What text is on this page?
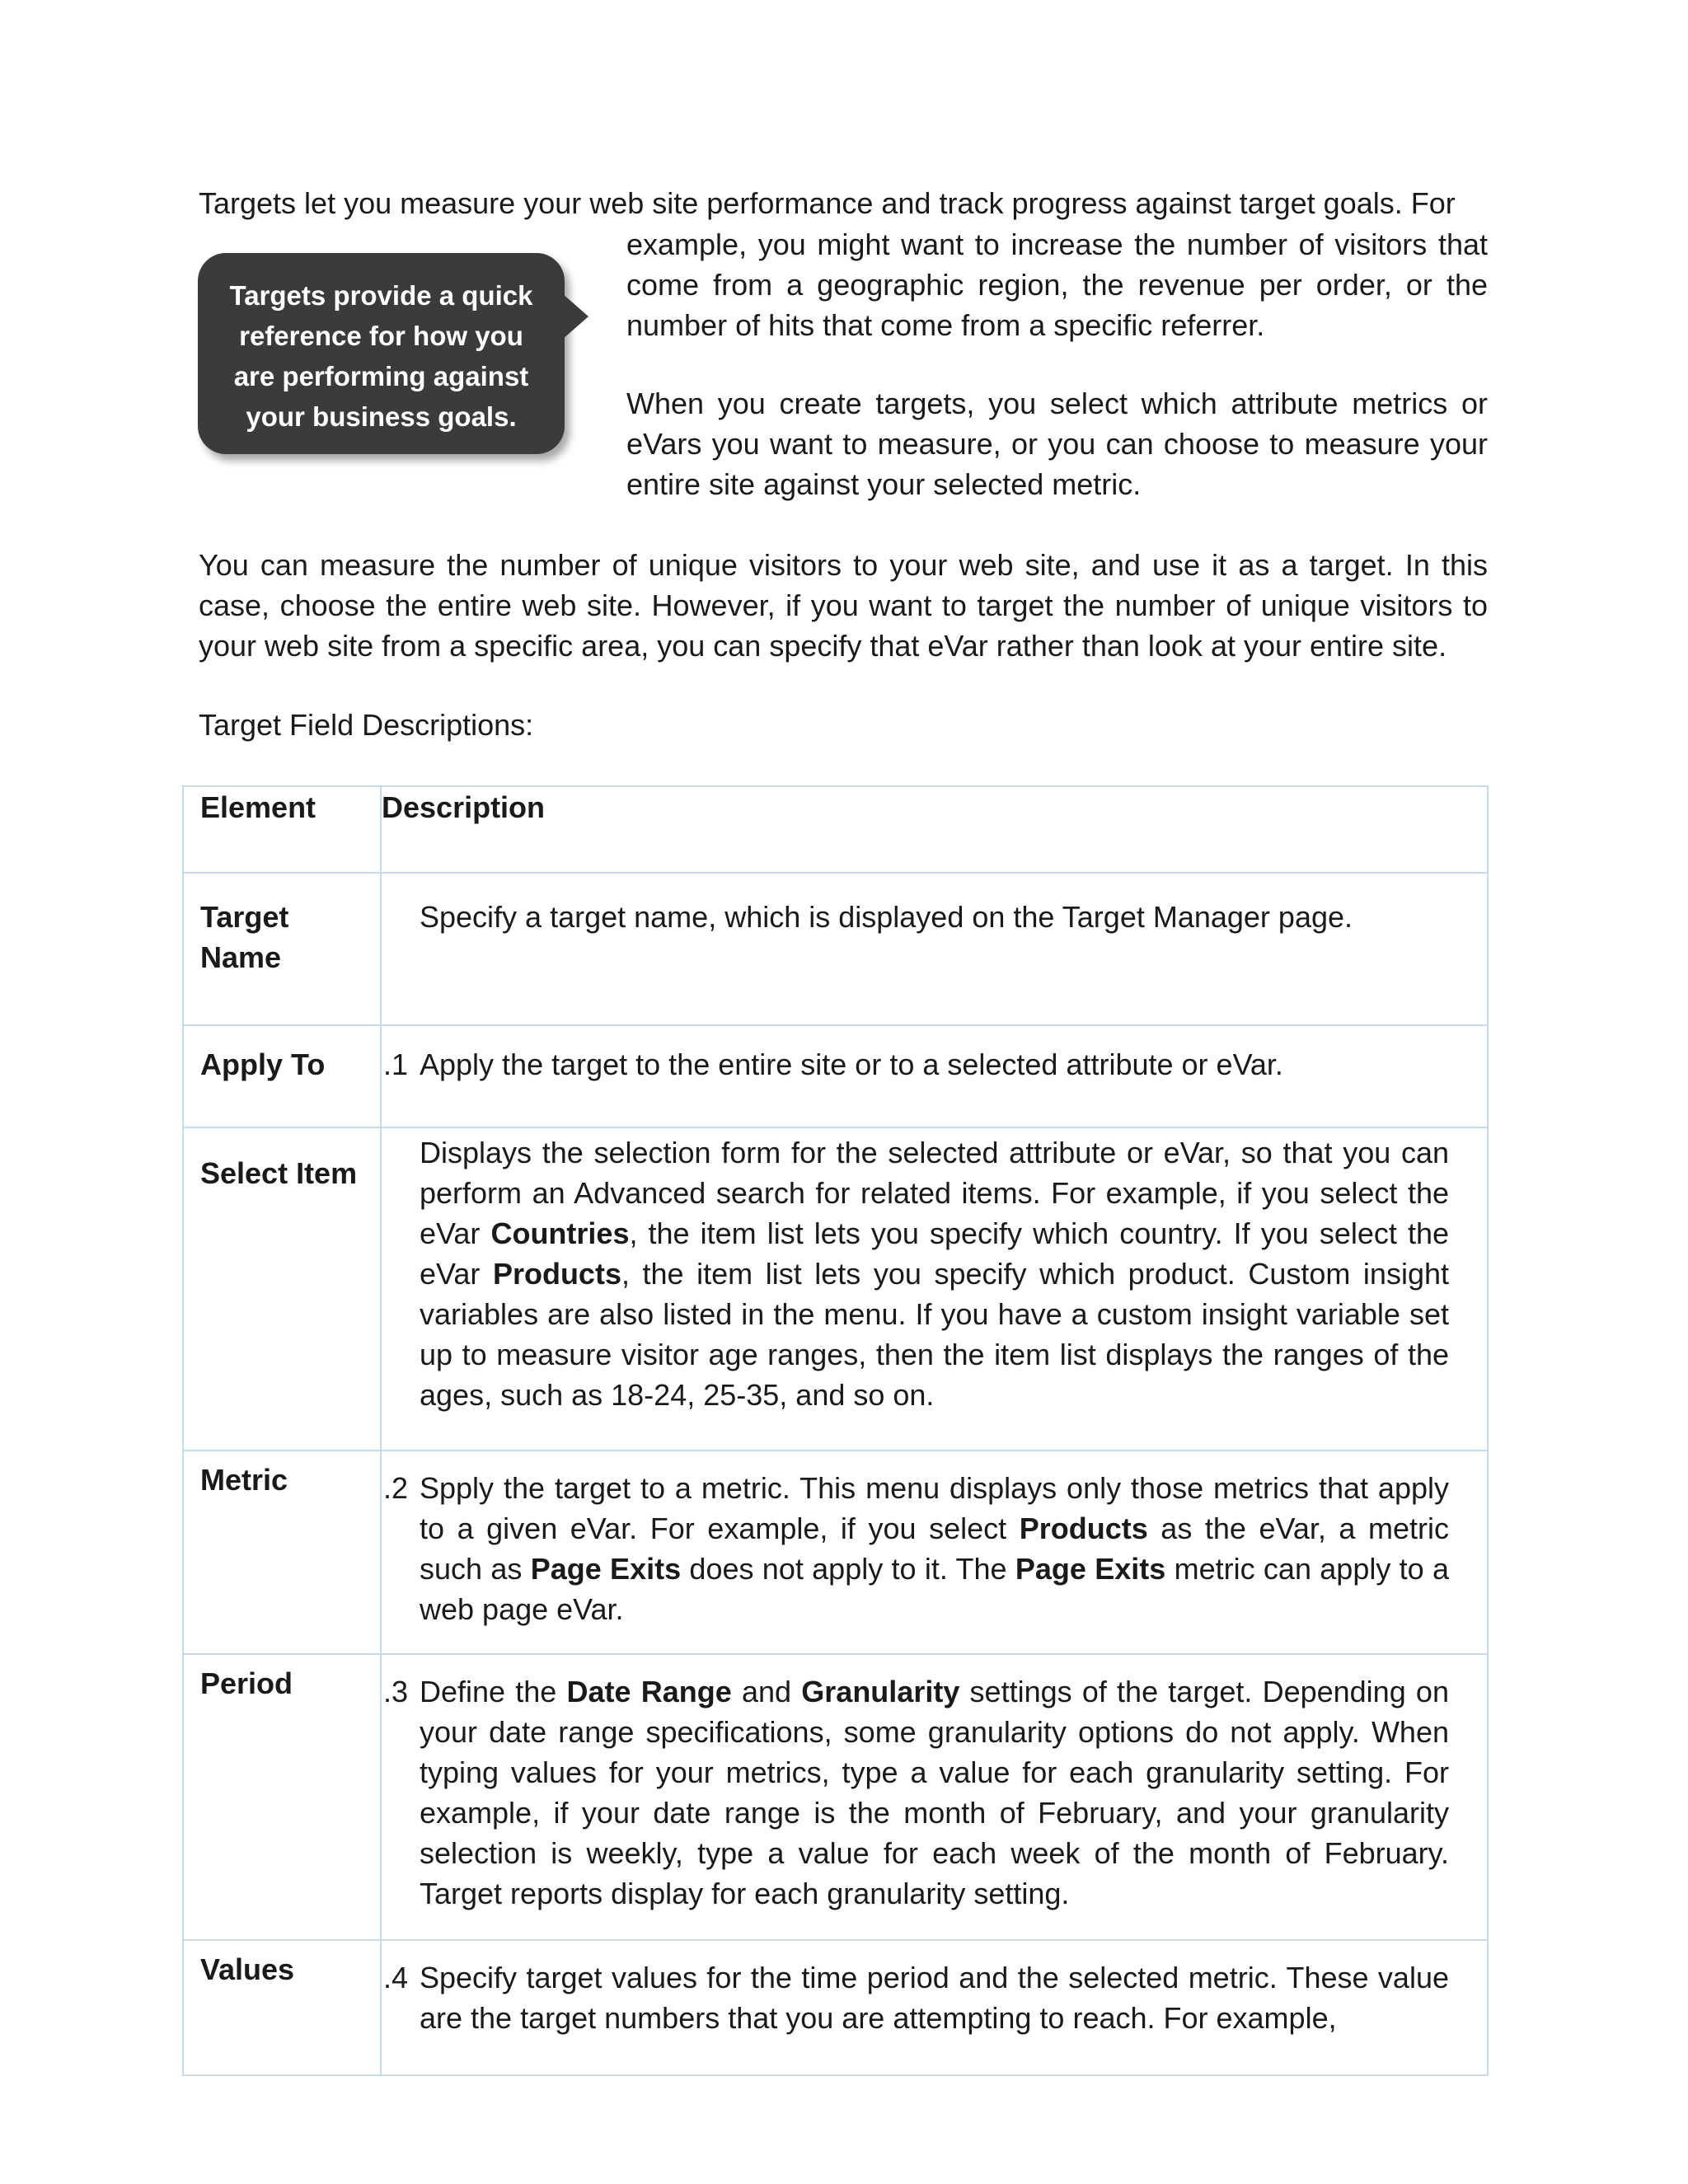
Targets let you measure your web site performance and track progress against target goals. For

Targets provide a quick
reference for how you
are performing against
your business goals.

example, you might want to increase the number of visitors that come from a geographic region, the revenue per order, or the number of hits that come from a specific referrer.

When you create targets, you select which attribute metrics or eVars you want to measure, or you can choose to measure your entire site against your selected metric.

You can measure the number of unique visitors to your web site, and use it as a target. In this case, choose the entire web site. However, if you want to target the number of unique visitors to your web site from a specific area, you can specify that eVar rather than look at your entire site.

Target Field Descriptions:

Element	Description
Target Name	Specify a target name, which is displayed on the Target Manager page.
Apply To	.1 Apply the target to the entire site or to a selected attribute or eVar.
Select Item	Displays the selection form for the selected attribute or eVar, so that you can perform an Advanced search for related items. For example, if you select the eVar Countries, the item list lets you specify which country. If you select the eVar Products, the item list lets you specify which product. Custom insight variables are also listed in the menu. If you have a custom insight variable set up to measure visitor age ranges, then the item list displays the ranges of the ages, such as 18-24, 25-35, and so on.
Metric	.2 Spply the target to a metric. This menu displays only those metrics that apply to a given eVar. For example, if you select Products as the eVar, a metric such as Page Exits does not apply to it. The Page Exits metric can apply to a web page eVar.
Period	.3 Define the Date Range and Granularity settings of the target. Depending on your date range specifications, some granularity options do not apply. When typing values for your metrics, type a value for each granularity setting. For example, if your date range is the month of February, and your granularity selection is weekly, type a value for each week of the month of February. Target reports display for each granularity setting.
Values	.4 Specify target values for the time period and the selected metric. These value are the target numbers that you are attempting to reach. For example,
